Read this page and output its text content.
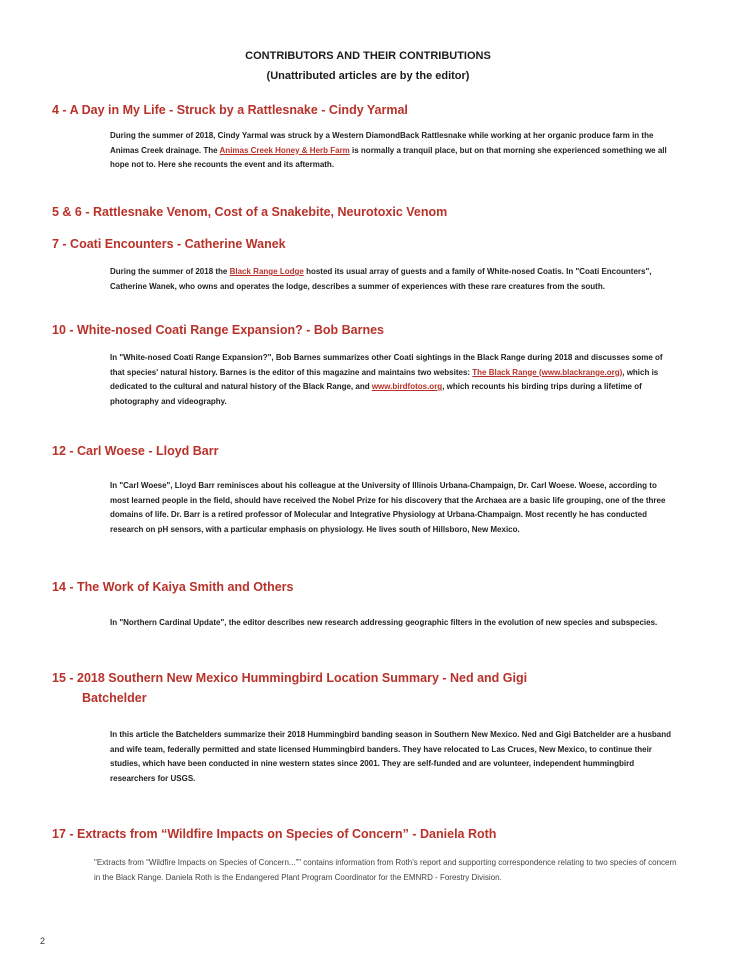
CONTRIBUTORS AND THEIR CONTRIBUTIONS
(Unattributed articles are by the editor)
4 - A Day in My Life - Struck by a Rattlesnake - Cindy Yarmal

During the summer of 2018, Cindy Yarmal was struck by a Western DiamondBack Rattlesnake while working at her organic produce farm in the Animas Creek drainage. The Animas Creek Honey & Herb Farm is normally a tranquil place, but on that morning she experienced something we all hope not to. Here she recounts the event and its aftermath.

5 & 6 - Rattlesnake Venom, Cost of a Snakebite, Neurotoxic Venom
7 - Coati Encounters - Catherine Wanek

During the summer of 2018 the Black Range Lodge hosted its usual array of guests and a family of White-nosed Coatis. In "Coati Encounters", Catherine Wanek, who owns and operates the lodge, describes a summer of experiences with these rare creatures from the south.

10 - White-nosed Coati Range Expansion? - Bob Barnes

In "White-nosed Coati Range Expansion?", Bob Barnes summarizes other Coati sightings in the Black Range during 2018 and discusses some of that species' natural history. Barnes is the editor of this magazine and maintains two websites: The Black Range (www.blackrange.org), which is dedicated to the cultural and natural history of the Black Range, and www.birdfotos.org, which recounts his birding trips during a lifetime of photography and videography.

12 - Carl Woese - Lloyd Barr

In "Carl Woese", Lloyd Barr reminisces about his colleague at the University of Illinois Urbana-Champaign, Dr. Carl Woese. Woese, according to most learned people in the field, should have received the Nobel Prize for his discovery that the Archaea are a basic life grouping, one of the three domains of life. Dr. Barr is a retired professor of Molecular and Integrative Physiology at Urbana-Champaign. Most recently he has conducted research on pH sensors, with a particular emphasis on physiology. He lives south of Hillsboro, New Mexico.

14 - The Work of Kaiya Smith and Others

In "Northern Cardinal Update", the editor describes new research addressing geographic filters in the evolution of new species and subspecies.

15 - 2018 Southern New Mexico Hummingbird Location Summary - Ned and Gigi
Batchelder

In this article the Batchelders summarize their 2018 Hummingbird banding season in Southern New Mexico. Ned and Gigi Batchelder are a husband and wife team, federally permitted and state licensed Hummingbird banders. They have relocated to Las Cruces, New Mexico, to continue their studies, which have been conducted in nine western states since 2001. They are self-funded and are volunteer, independent hummingbird researchers for USGS.

17 - Extracts from “Wildfire Impacts on Species of Concern” - Daniela Roth

"Extracts from “Wildfire Impacts on Species of Concern...”" contains information from Roth's report and supporting correspondence relating to two species of concern in the Black Range. Daniela Roth is the Endangered Plant Program Coordinator for the EMNRD - Forestry Division.

2
